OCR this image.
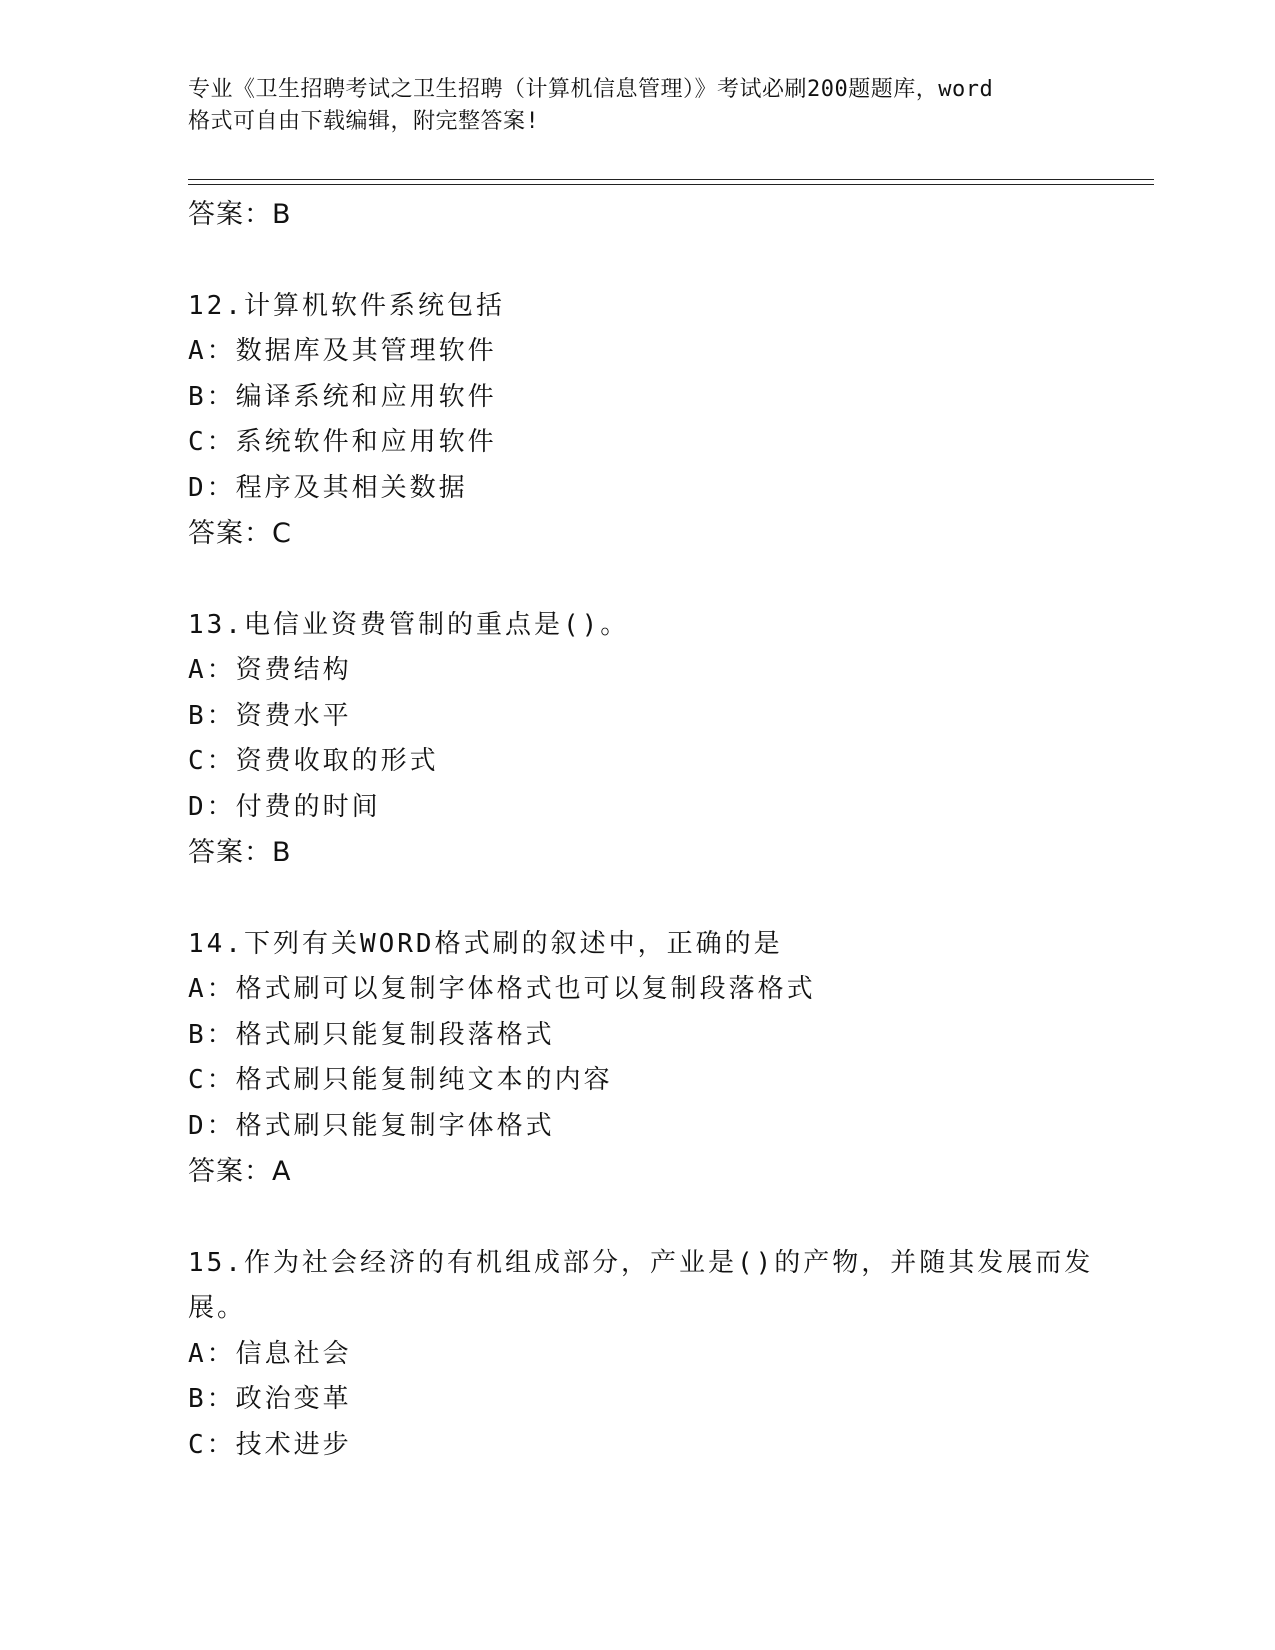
专业《卫生招聘考试之卫生招聘（计算机信息管理）》考试必刷200题题库，word
格式可自由下载编辑，附完整答案!
答案：B
12.计算机软件系统包括
A：数据库及其管理软件
B：编译系统和应用软件
C：系统软件和应用软件
D：程序及其相关数据
答案：C
13.电信业资费管制的重点是()。
A：资费结构
B：资费水平
C：资费收取的形式
D：付费的时间
答案：B
14.下列有关WORD格式刷的叙述中，正确的是
A：格式刷可以复制字体格式也可以复制段落格式
B：格式刷只能复制段落格式
C：格式刷只能复制纯文本的内容
D：格式刷只能复制字体格式
答案：A
15.作为社会经济的有机组成部分，产业是()的产物，并随其发展而发
展。
A：信息社会
B：政治变革
C：技术进步
